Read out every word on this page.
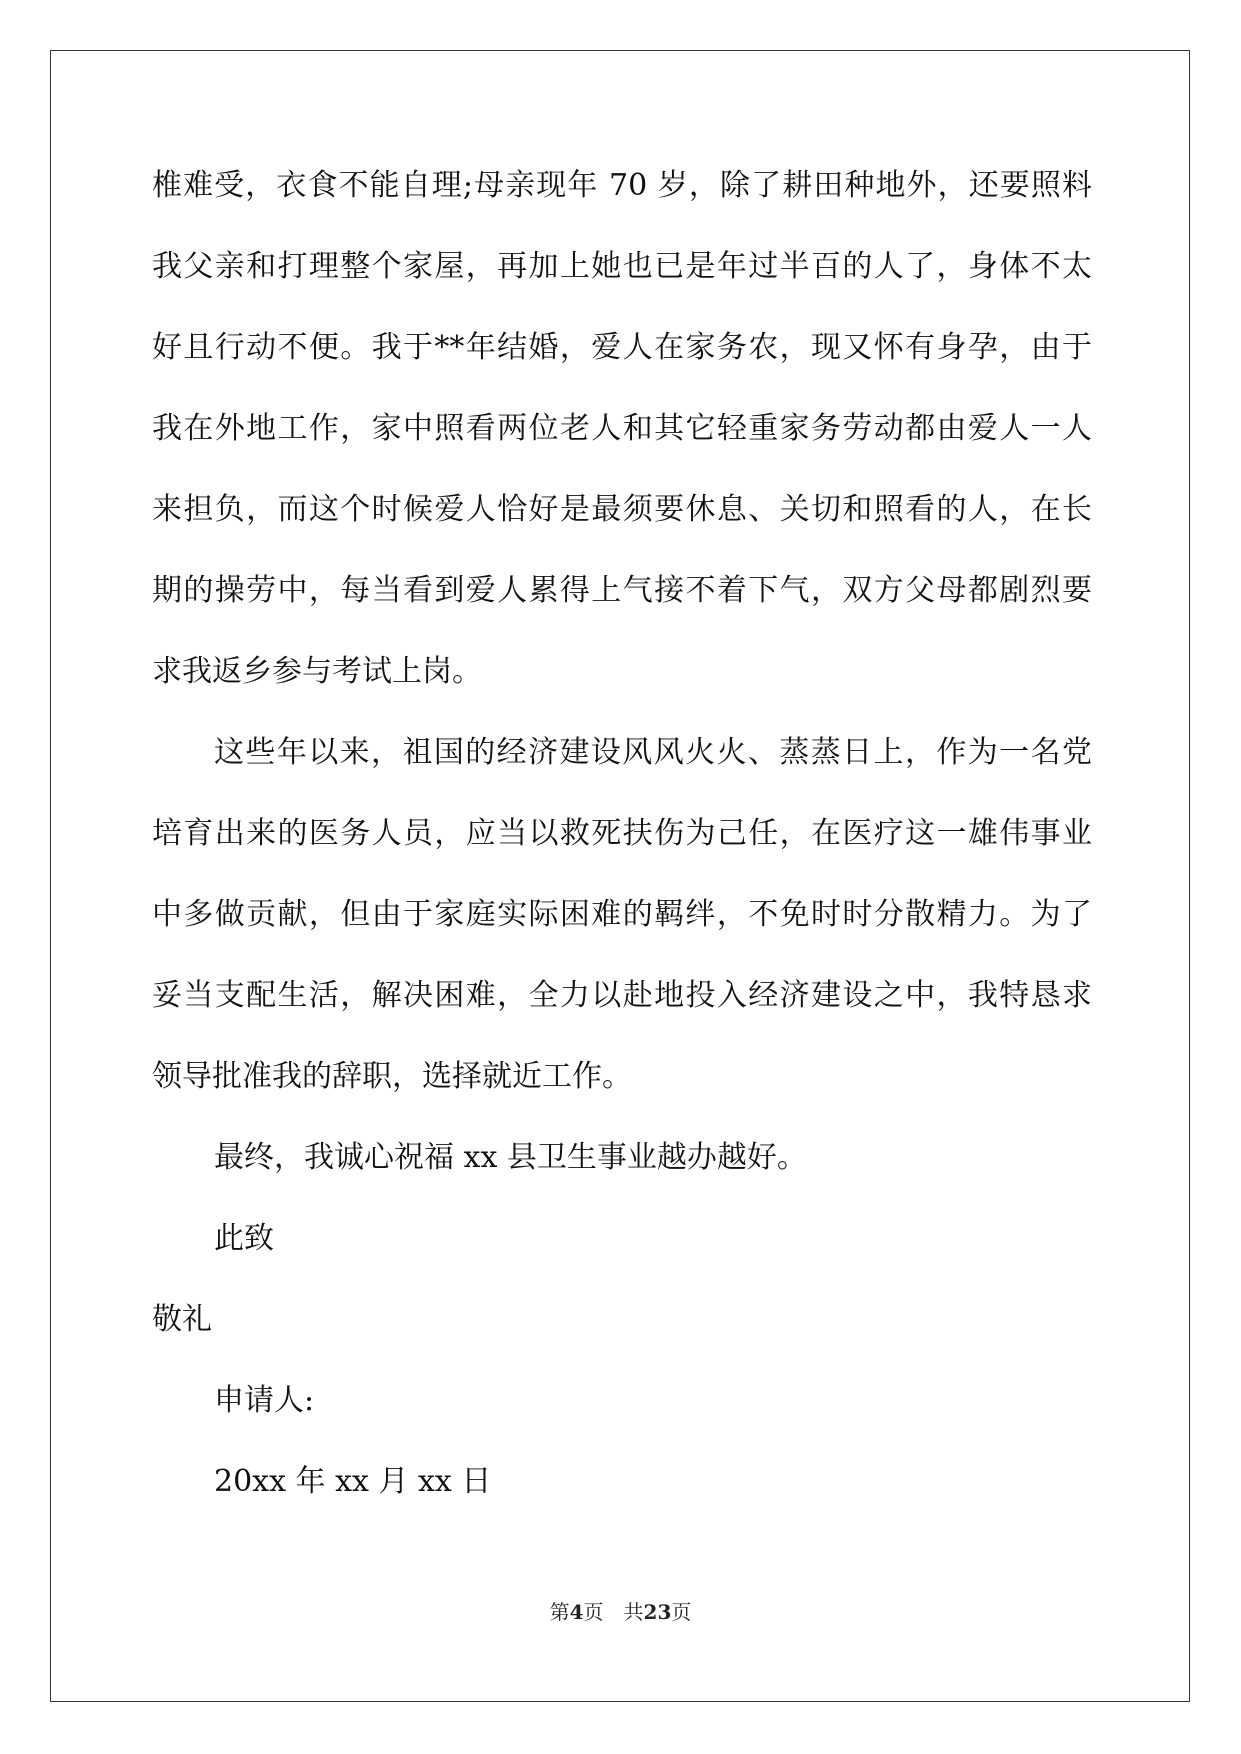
椎难受，衣食不能自理;母亲现年 70 岁，除了耕田种地外，还要照料
我父亲和打理整个家屋，再加上她也已是年过半百的人了，身体不太
好且行动不便。我于**年结婚，爱人在家务农，现又怀有身孕，由于
我在外地工作，家中照看两位老人和其它轻重家务劳动都由爱人一人
来担负，而这个时候爱人恰好是最须要休息、关切和照看的人，在长
期的操劳中，每当看到爱人累得上气接不着下气，双方父母都剧烈要
求我返乡参与考试上岗。
这些年以来，祖国的经济建设风风火火、蒸蒸日上，作为一名党
培育出来的医务人员，应当以救死扶伤为己任，在医疗这一雄伟事业
中多做贡献，但由于家庭实际困难的羁绊，不免时时分散精力。为了
妥当支配生活，解决困难，全力以赴地投入经济建设之中，我特恳求
领导批准我的辞职，选择就近工作。
最终，我诚心祝福 xx 县卫生事业越办越好。
此致
敬礼
申请人:
20xx 年 xx 月 xx 日
第4页 共23页
